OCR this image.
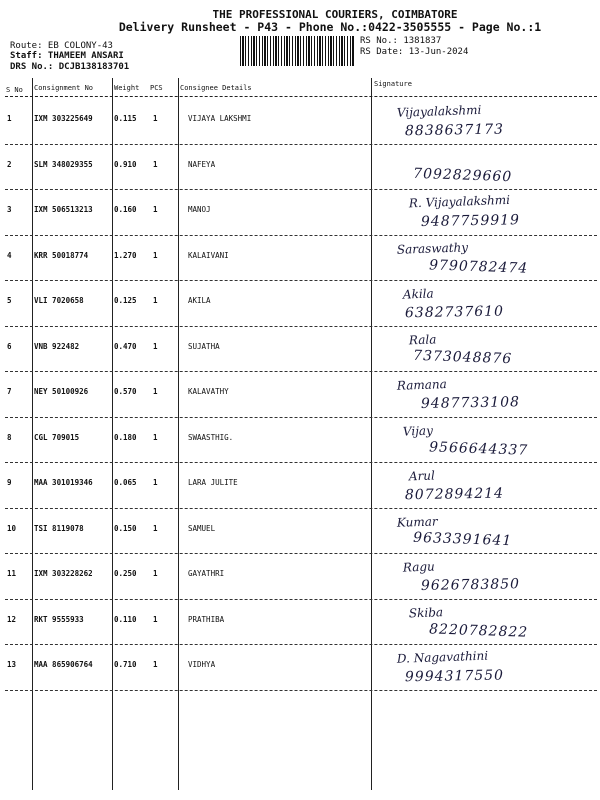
THE PROFESSIONAL COURIERS, COIMBATORE
Delivery Runsheet - P43 - Phone No.:0422-3505555 - Page No.:1
Route: EB COLONY-43
Staff: THAMEEM ANSARI
DRS No.: DCJB138183701
RS No.: 1381837
RS Date: 13-Jun-2024
S No Consignment No	Weight PCS Consignee Details	Signature
1	IXM 303225649	0.115 1	VIJAYA LAKSHMI	Vijayalakshmi
8838637173
2	SLM 348029355	0.910 1	NAFEYA
7092829660
3	IXM 506513213	0.160 1	MANOJ	R. Vijayalakshmi
9487759919
4	KRR 50018774	1.270 1	KALAIVANI	Saraswathy
9790782474
5	VLI 7020658	0.125 1	AKILA	Akila
6382737610
6	VNB 922482	0.470 1	SUJATHA	Rala
7373048876
7	NEY 50100926	0.570 1	KALAVATHY	Ramana
9487733108
8	CGL 709015	0.180 1	SWAASTHIG.	Vijay
9566644337
9	MAA 301019346	0.065 1	LARA JULITE	Arul
8072894214
10 TSI 8119078	0.150 1	SAMUEL	Kumar
9633391641
11 IXM 303228262	0.250 1	GAYATHRI	Ragu
9626783850
12 RKT 9555933	0.110 1	PRATHIBA	Skiba
8220782822
13 MAA 865906764	0.710 1	VIDHYA	D. Nagavathini
9994317550
